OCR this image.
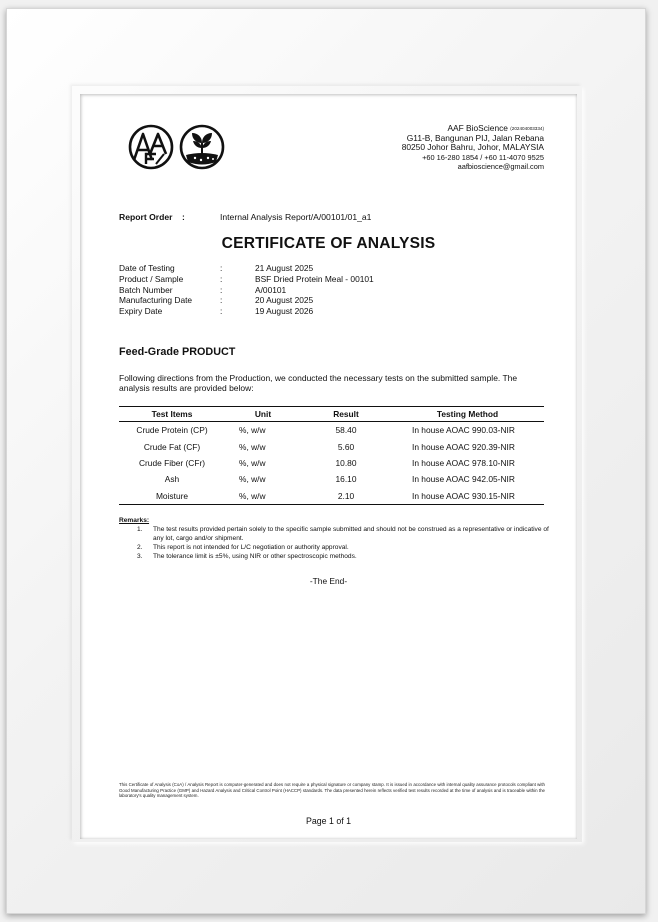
AAF BioScience (202404003334)
G11-B, Bangunan PIJ, Jalan Rebana
80250 Johor Bahru, Johor, MALAYSIA
+60 16-280 1854 / +60 11-4070 9525
aafbioscience@gmail.com
Report Order :	Internal Analysis Report/A/00101/01_a1
CERTIFICATE OF ANALYSIS
Date of Testing	:	21 August 2025
Product / Sample	:	BSF Dried Protein Meal - 00101
Batch Number	:	A/00101
Manufacturing Date	:	20 August 2025
Expiry Date	:	19 August 2026
Feed-Grade PRODUCT
Following directions from the Production, we conducted the necessary tests on the submitted sample. The analysis results are provided below:
Test Items	Unit	Result	Testing Method
Crude Protein (CP)	%, w/w	58.40	In house AOAC 990.03-NIR
Crude Fat (CF)	%, w/w	5.60	In house AOAC 920.39-NIR
Crude Fiber (CFr)	%, w/w	10.80	In house AOAC 978.10-NIR
Ash	%, w/w	16.10	In house AOAC 942.05-NIR
Moisture	%, w/w	2.10	In house AOAC 930.15-NIR
Remarks:
1.	The test results provided pertain solely to the specific sample submitted and should not be construed as a representative or indicative of any lot, cargo and/or shipment.
2.	This report is not intended for L/C negotiation or authority approval.
3.	The tolerance limit is ±5%, using NIR or other spectroscopic methods.
-The End-
This Certificate of Analysis (CoA) / Analysis Report is computer-generated and does not require a physical signature or company stamp. It is issued in accordance with internal quality assurance protocols compliant with Good Manufacturing Practice (GMP) and Hazard Analysis and Critical Control Point (HACCP) standards. The data presented herein reflects verified test results recorded at the time of analysis and is traceable within the laboratory's quality management system.
Page 1 of 1
